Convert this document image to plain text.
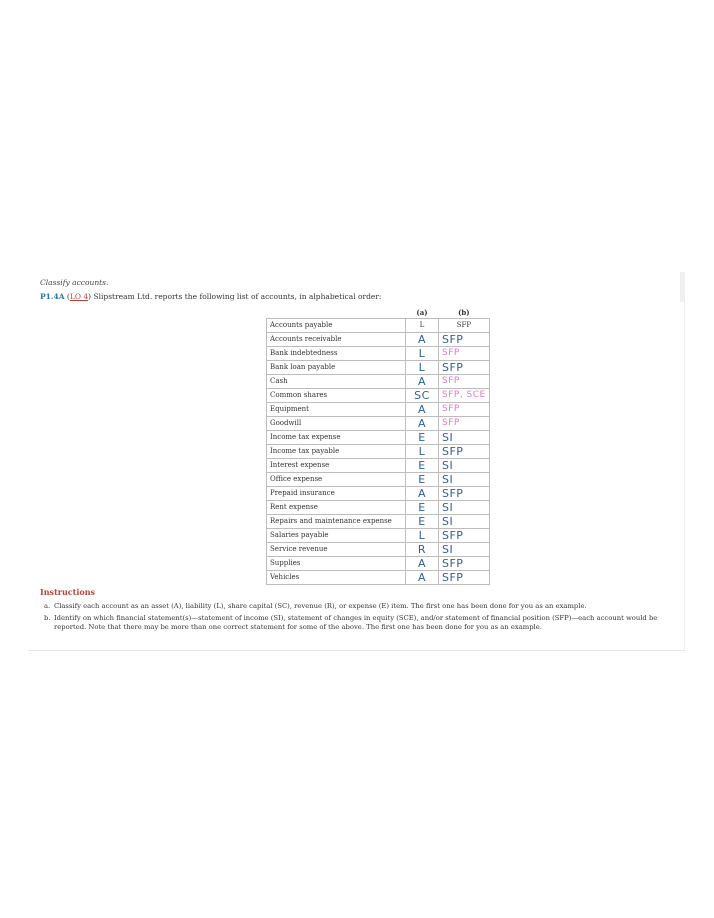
Classify accounts.
P1.4A (LO 4) Slipstream Ltd. reports the following list of accounts, in alphabetical order:
	(a)	(b)
Accounts payable	L	SFP
Accounts receivable	A	SFP
Bank indebtedness	L	SFP
Bank loan payable	L	SFP
Cash	A	SFP
Common shares	SC	SFP, SCE
Equipment	A	SFP
Goodwill	A	SFP
Income tax expense	E	SI
Income tax payable	L	SFP
Interest expense	E	SI
Office expense	E	SI
Prepaid insurance	A	SFP
Rent expense	E	SI
Repairs and maintenance expense	E	SI
Salaries payable	L	SFP
Service revenue	R	SI
Supplies	A	SFP
Vehicles	A	SFP
Instructions
a. Classify each account as an asset (A), liability (L), share capital (SC), revenue (R), or expense (E) item. The first one has been done for you as an example.
b. Identify on which financial statement(s)—statement of income (SI), statement of changes in equity (SCE), and/or statement of financial position (SFP)—each account would be reported. Note that there may be more than one correct statement for some of the above. The first one has been done for you as an example.
